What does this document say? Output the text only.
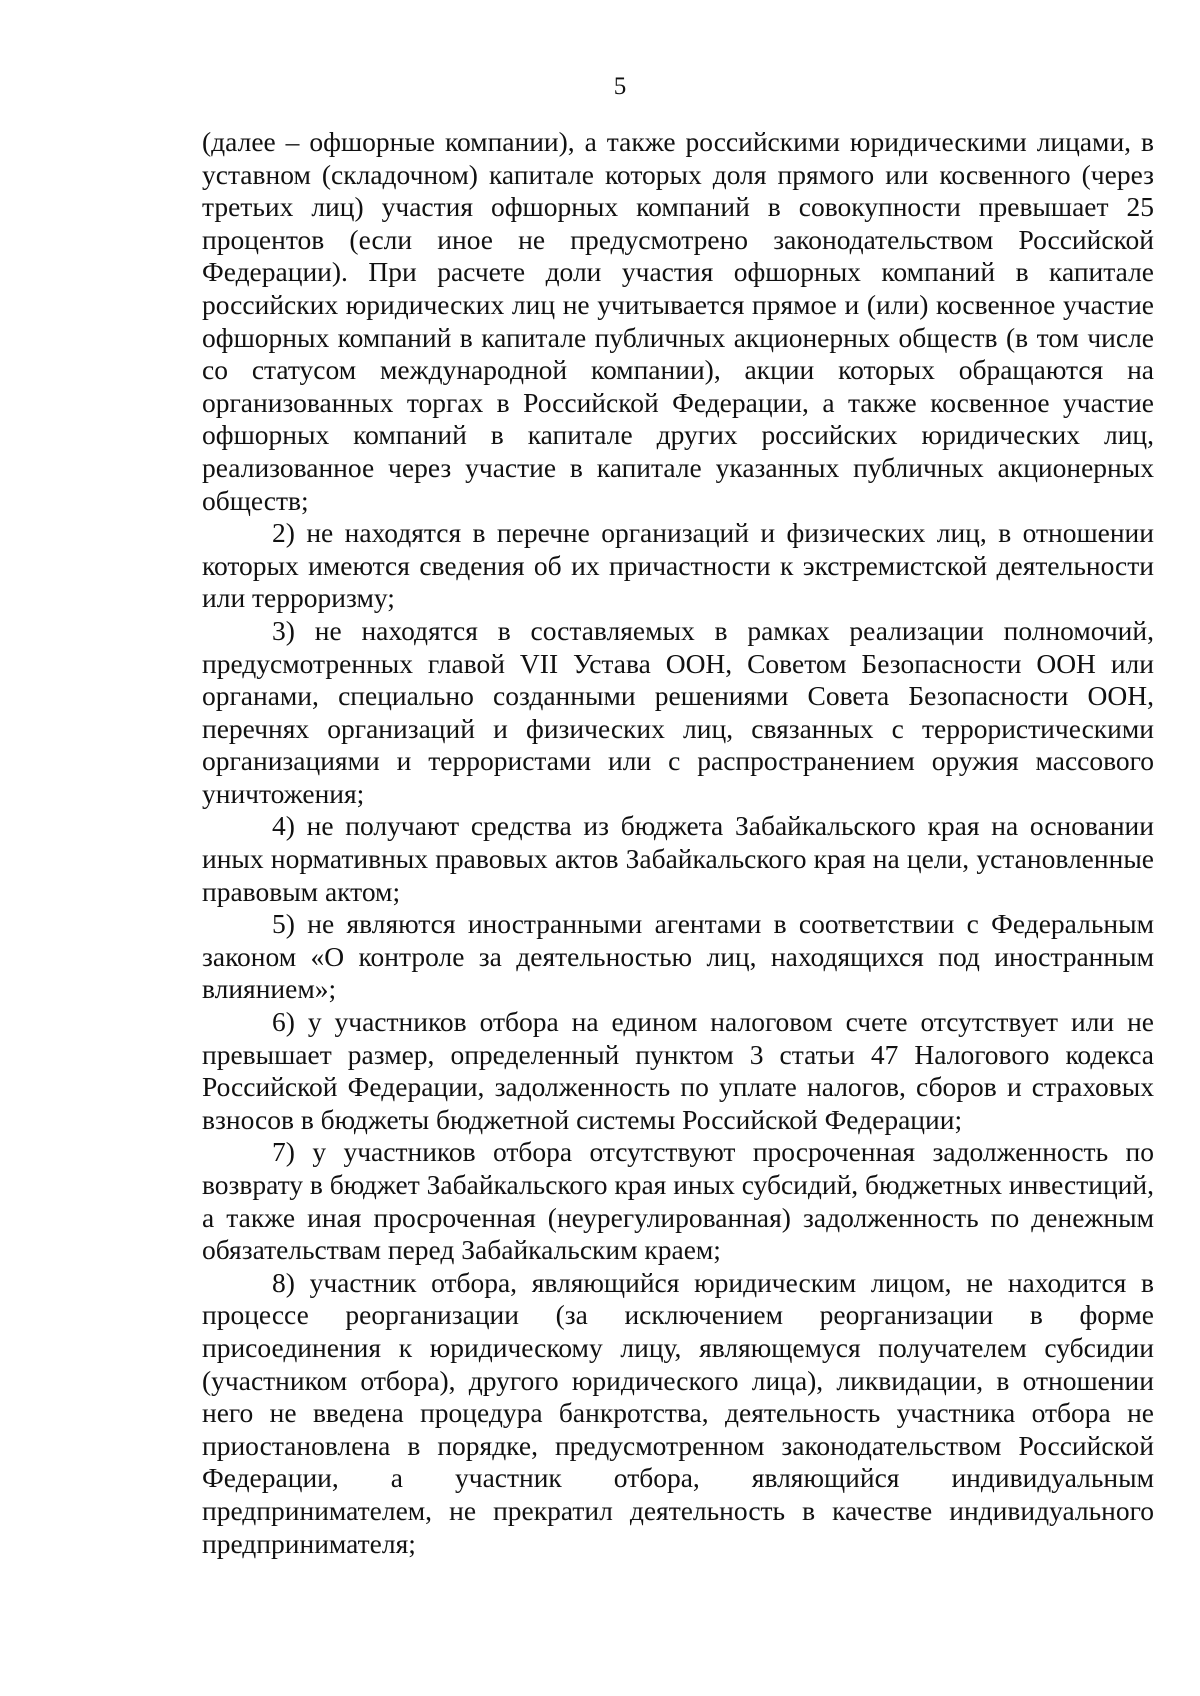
5

(далее – офшорные компании), а также российскими юридическими лицами, в уставном (складочном) капитале которых доля прямого или косвенного (через третьих лиц) участия офшорных компаний в совокупности превышает 25 процентов (если иное не предусмотрено законодательством Российской Федерации). При расчете доли участия офшорных компаний в капитале российских юридических лиц не учитывается прямое и (или) косвенное участие офшорных компаний в капитале публичных акционерных обществ (в том числе со статусом международной компании), акции которых обращаются на организованных торгах в Российской Федерации, а также косвенное участие офшорных компаний в капитале других российских юридических лиц, реализованное через участие в капитале указанных публичных акционерных обществ;

2) не находятся в перечне организаций и физических лиц, в отношении которых имеются сведения об их причастности к экстремистской деятельности или терроризму;

3) не находятся в составляемых в рамках реализации полномочий, предусмотренных главой VII Устава ООН, Советом Безопасности ООН или органами, специально созданными решениями Совета Безопасности ООН, перечнях организаций и физических лиц, связанных с террористическими организациями и террористами или с распространением оружия массового уничтожения;

4) не получают средства из бюджета Забайкальского края на основании иных нормативных правовых актов Забайкальского края на цели, установленные правовым актом;

5) не являются иностранными агентами в соответствии с Федеральным законом «О контроле за деятельностью лиц, находящихся под иностранным влиянием»;

6) у участников отбора на едином налоговом счете отсутствует или не превышает размер, определенный пунктом 3 статьи 47 Налогового кодекса Российской Федерации, задолженность по уплате налогов, сборов и страховых взносов в бюджеты бюджетной системы Российской Федерации;

7) у участников отбора отсутствуют просроченная задолженность по возврату в бюджет Забайкальского края иных субсидий, бюджетных инвестиций, а также иная просроченная (неурегулированная) задолженность по денежным обязательствам перед Забайкальским краем;

8) участник отбора, являющийся юридическим лицом, не находится в процессе реорганизации (за исключением реорганизации в форме присоединения к юридическому лицу, являющемуся получателем субсидии (участником отбора), другого юридического лица), ликвидации, в отношении него не введена процедура банкротства, деятельность участника отбора не приостановлена в порядке, предусмотренном законодательством Российской Федерации, а участник отбора, являющийся индивидуальным предпринимателем, не прекратил деятельность в качестве индивидуального предпринимателя;
